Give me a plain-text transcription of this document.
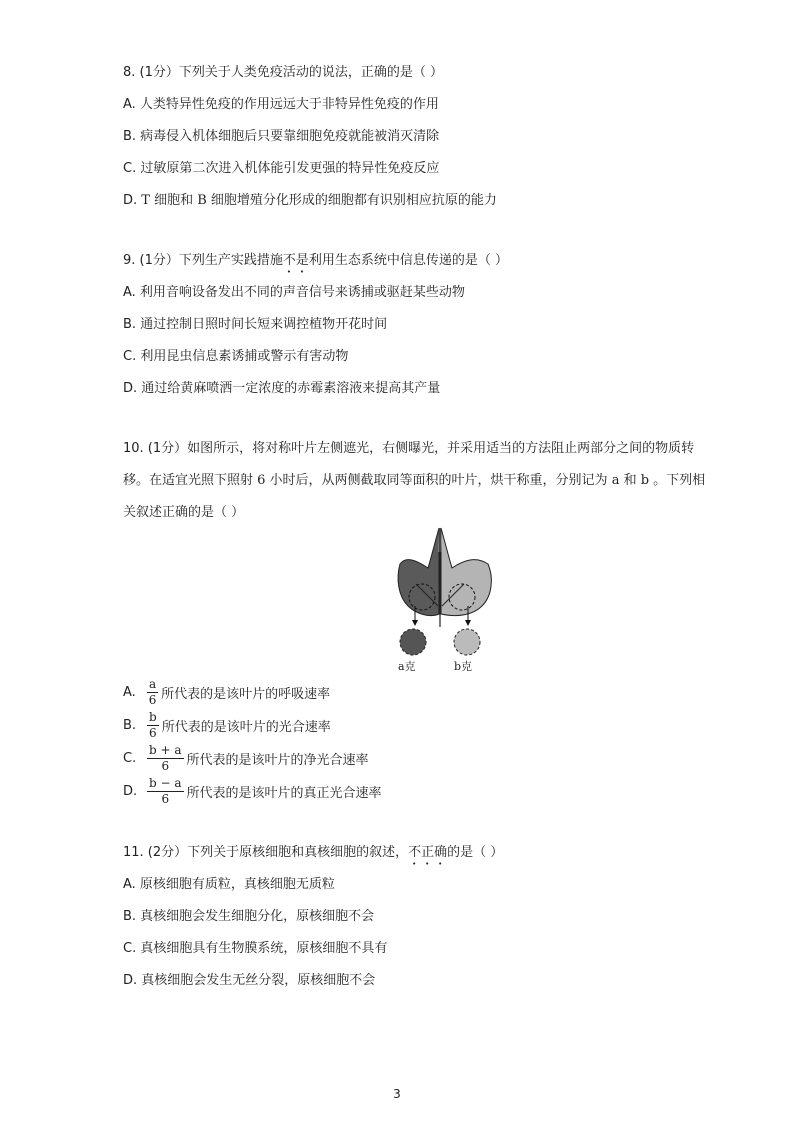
8. (1分）下列关于人类免疫活动的说法，正确的是（ ）
A. 人类特异性免疫的作用远远大于非特异性免疫的作用
B. 病毒侵入机体细胞后只要靠细胞免疫就能被消灭清除
C. 过敏原第二次进入机体能引发更强的特异性免疫反应
D. T 细胞和 B 细胞增殖分化形成的细胞都有识别相应抗原的能力
9. (1分）下列生产实践措施不是利用生态系统中信息传递的是（ ）
A. 利用音响设备发出不同的声音信号来诱捕或驱赶某些动物
B. 通过控制日照时间长短来调控植物开花时间
C. 利用昆虫信息素诱捕或警示有害动物
D. 通过给黄麻喷洒一定浓度的赤霉素溶液来提高其产量
10. (1分）如图所示，将对称叶片左侧遮光，右侧曝光，并采用适当的方法阻止两部分之间的物质转
移。在适宜光照下照射 6 小时后，从两侧截取同等面积的叶片，烘干称重，分别记为 a 和 b 。下列相
关叙述正确的是（ ）
a克	b克
A. $\frac{a}{6}$ 所代表的是该叶片的呼吸速率
B. $\frac{b}{6}$ 所代表的是该叶片的光合速率
C. $\frac{b + a}{6}$ 所代表的是该叶片的净光合速率
D. $\frac{b - a}{6}$ 所代表的是该叶片的真正光合速率
11. (2分）下列关于原核细胞和真核细胞的叙述，不正确的是（ ）
A. 原核细胞有质粒，真核细胞无质粒
B. 真核细胞会发生细胞分化，原核细胞不会
C. 真核细胞具有生物膜系统，原核细胞不具有
D. 真核细胞会发生无丝分裂，原核细胞不会
3
